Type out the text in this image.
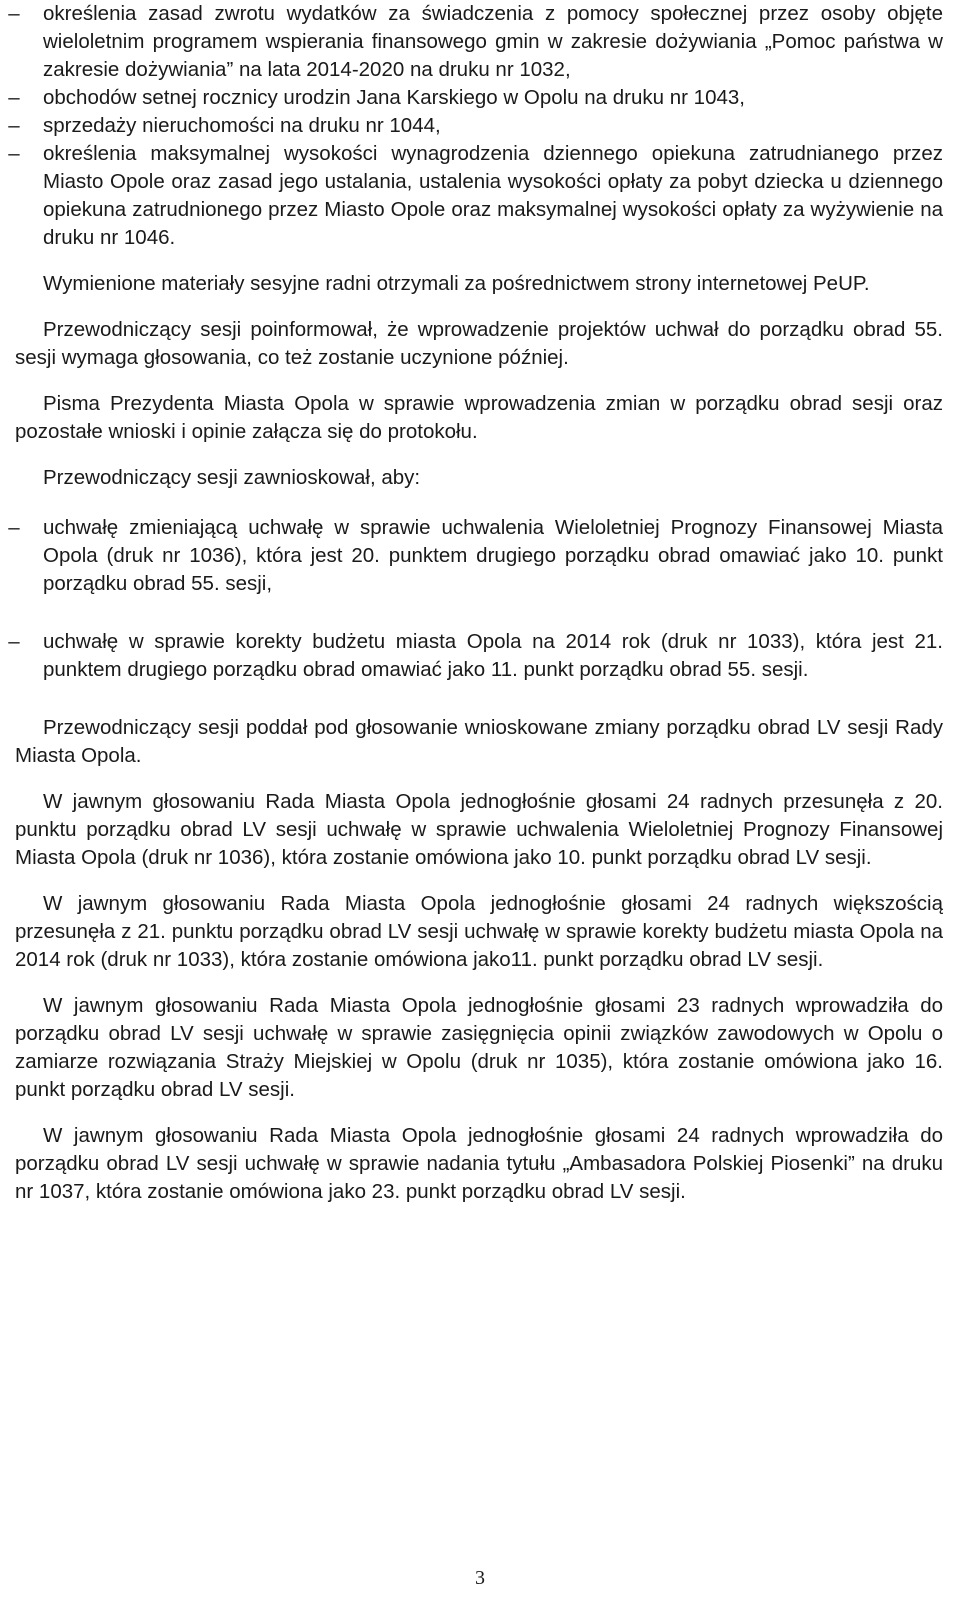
–	określenia zasad zwrotu wydatków za świadczenia z pomocy społecznej przez osoby objęte wieloletnim programem wspierania finansowego gmin w zakresie dożywiania „Pomoc państwa w zakresie dożywiania” na lata 2014-2020 na druku nr 1032,
–	obchodów setnej rocznicy urodzin Jana Karskiego w Opolu na druku nr 1043,
–	sprzedaży nieruchomości na druku nr 1044,
–	określenia maksymalnej wysokości wynagrodzenia dziennego opiekuna zatrudnianego przez Miasto Opole oraz zasad jego ustalania, ustalenia wysokości opłaty za pobyt dziecka u dziennego opiekuna zatrudnionego przez Miasto Opole oraz maksymalnej wysokości opłaty za wyżywienie na druku nr 1046.

Wymienione materiały sesyjne radni otrzymali za pośrednictwem strony internetowej PeUP.

Przewodniczący sesji poinformował, że wprowadzenie projektów uchwał do porządku obrad 55. sesji wymaga głosowania, co też zostanie uczynione później.

Pisma Prezydenta Miasta Opola w sprawie wprowadzenia zmian w porządku obrad sesji oraz pozostałe wnioski i opinie załącza się do protokołu.

Przewodniczący sesji zawnioskował, aby:

–	uchwałę zmieniającą uchwałę w sprawie uchwalenia Wieloletniej Prognozy Finansowej Miasta Opola (druk nr 1036), która jest 20. punktem drugiego porządku obrad omawiać jako 10. punkt porządku obrad 55. sesji,
–	uchwałę w sprawie korekty budżetu miasta Opola na 2014 rok (druk nr 1033), która jest 21. punktem drugiego porządku obrad omawiać jako 11. punkt porządku obrad 55. sesji.

Przewodniczący sesji poddał pod głosowanie wnioskowane zmiany porządku obrad LV sesji Rady Miasta Opola.

W jawnym głosowaniu Rada Miasta Opola jednogłośnie głosami 24 radnych przesunęła z 20. punktu porządku obrad LV sesji uchwałę w sprawie uchwalenia Wieloletniej Prognozy Finansowej Miasta Opola (druk nr 1036), która zostanie omówiona jako 10. punkt porządku obrad LV sesji.

W jawnym głosowaniu Rada Miasta Opola jednogłośnie głosami 24 radnych większością przesunęła z 21. punktu porządku obrad LV sesji uchwałę w sprawie korekty budżetu miasta Opola na 2014 rok (druk nr 1033), która zostanie omówiona jako11. punkt porządku obrad LV sesji.

W jawnym głosowaniu Rada Miasta Opola jednogłośnie głosami 23 radnych wprowadziła do porządku obrad LV sesji uchwałę w sprawie zasięgnięcia opinii związków zawodowych w Opolu o zamiarze rozwiązania Straży Miejskiej w Opolu (druk nr 1035), która zostanie omówiona jako 16. punkt porządku obrad LV sesji.

W jawnym głosowaniu Rada Miasta Opola jednogłośnie głosami 24 radnych wprowadziła do porządku obrad LV sesji uchwałę w sprawie nadania tytułu „Ambasadora Polskiej Piosenki” na druku nr 1037, która zostanie omówiona jako 23. punkt porządku obrad LV sesji.

3
